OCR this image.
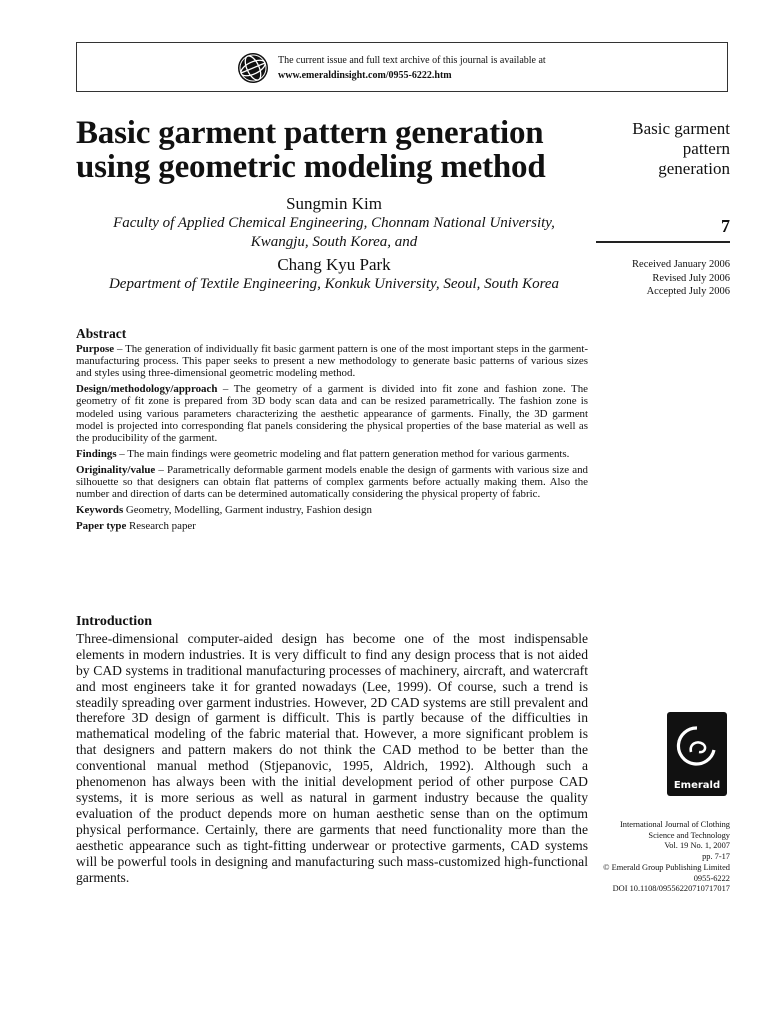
The current issue and full text archive of this journal is available at
www.emeraldinsight.com/0955-6222.htm
Basic garment pattern generation
using geometric modeling method
Sungmin Kim
Faculty of Applied Chemical Engineering, Chonnam National University,
Kwangju, South Korea, and
Chang Kyu Park
Department of Textile Engineering, Konkuk University, Seoul, South Korea
Basic garment
pattern
generation
7
Received January 2006
Revised July 2006
Accepted July 2006
Abstract

Purpose – The generation of individually fit basic garment pattern is one of the most important steps in the garment-manufacturing process. This paper seeks to present a new methodology to generate basic patterns of various sizes and styles using three-dimensional geometric modeling method.

Design/methodology/approach – The geometry of a garment is divided into fit zone and fashion zone. The geometry of fit zone is prepared from 3D body scan data and can be resized parametrically. The fashion zone is modeled using various parameters characterizing the aesthetic appearance of garments. Finally, the 3D garment model is projected into corresponding flat panels considering the physical properties of the base material as well as the producibility of the garment.

Findings – The main findings were geometric modeling and flat pattern generation method for various garments.

Originality/value – Parametrically deformable garment models enable the design of garments with various size and silhouette so that designers can obtain flat patterns of complex garments before actually making them. Also the number and direction of darts can be determined automatically considering the physical property of fabric.

Keywords Geometry, Modelling, Garment industry, Fashion design

Paper type Research paper

Introduction

Three-dimensional computer-aided design has become one of the most indispensable elements in modern industries. It is very difficult to find any design process that is not aided by CAD systems in traditional manufacturing processes of machinery, aircraft, and watercraft and most engineers take it for granted nowadays (Lee, 1999). Of course, such a trend is steadily spreading over garment industries. However, 2D CAD systems are still prevalent and therefore 3D design of garment is difficult. This is partly because of the difficulties in mathematical modeling of the fabric material that. However, a more significant problem is that designers and pattern makers do not think the CAD method to be better than the conventional manual method (Stjepanovic, 1995, Aldrich, 1992). Although such a phenomenon has always been with the initial development period of other purpose CAD systems, it is more serious as well as natural in garment industry because the quality evaluation of the product depends more on human aesthetic sense than on the optimum physical performance. Certainly, there are garments that need functionality more than the aesthetic appearance such as tight-fitting underwear or protective garments, CAD systems will be powerful tools in designing and manufacturing such mass-customized high-functional garments.

Emerald
International Journal of Clothing
Science and Technology
Vol. 19 No. 1, 2007
pp. 7-17
© Emerald Group Publishing Limited
0955-6222
DOI 10.1108/09556220710717017
